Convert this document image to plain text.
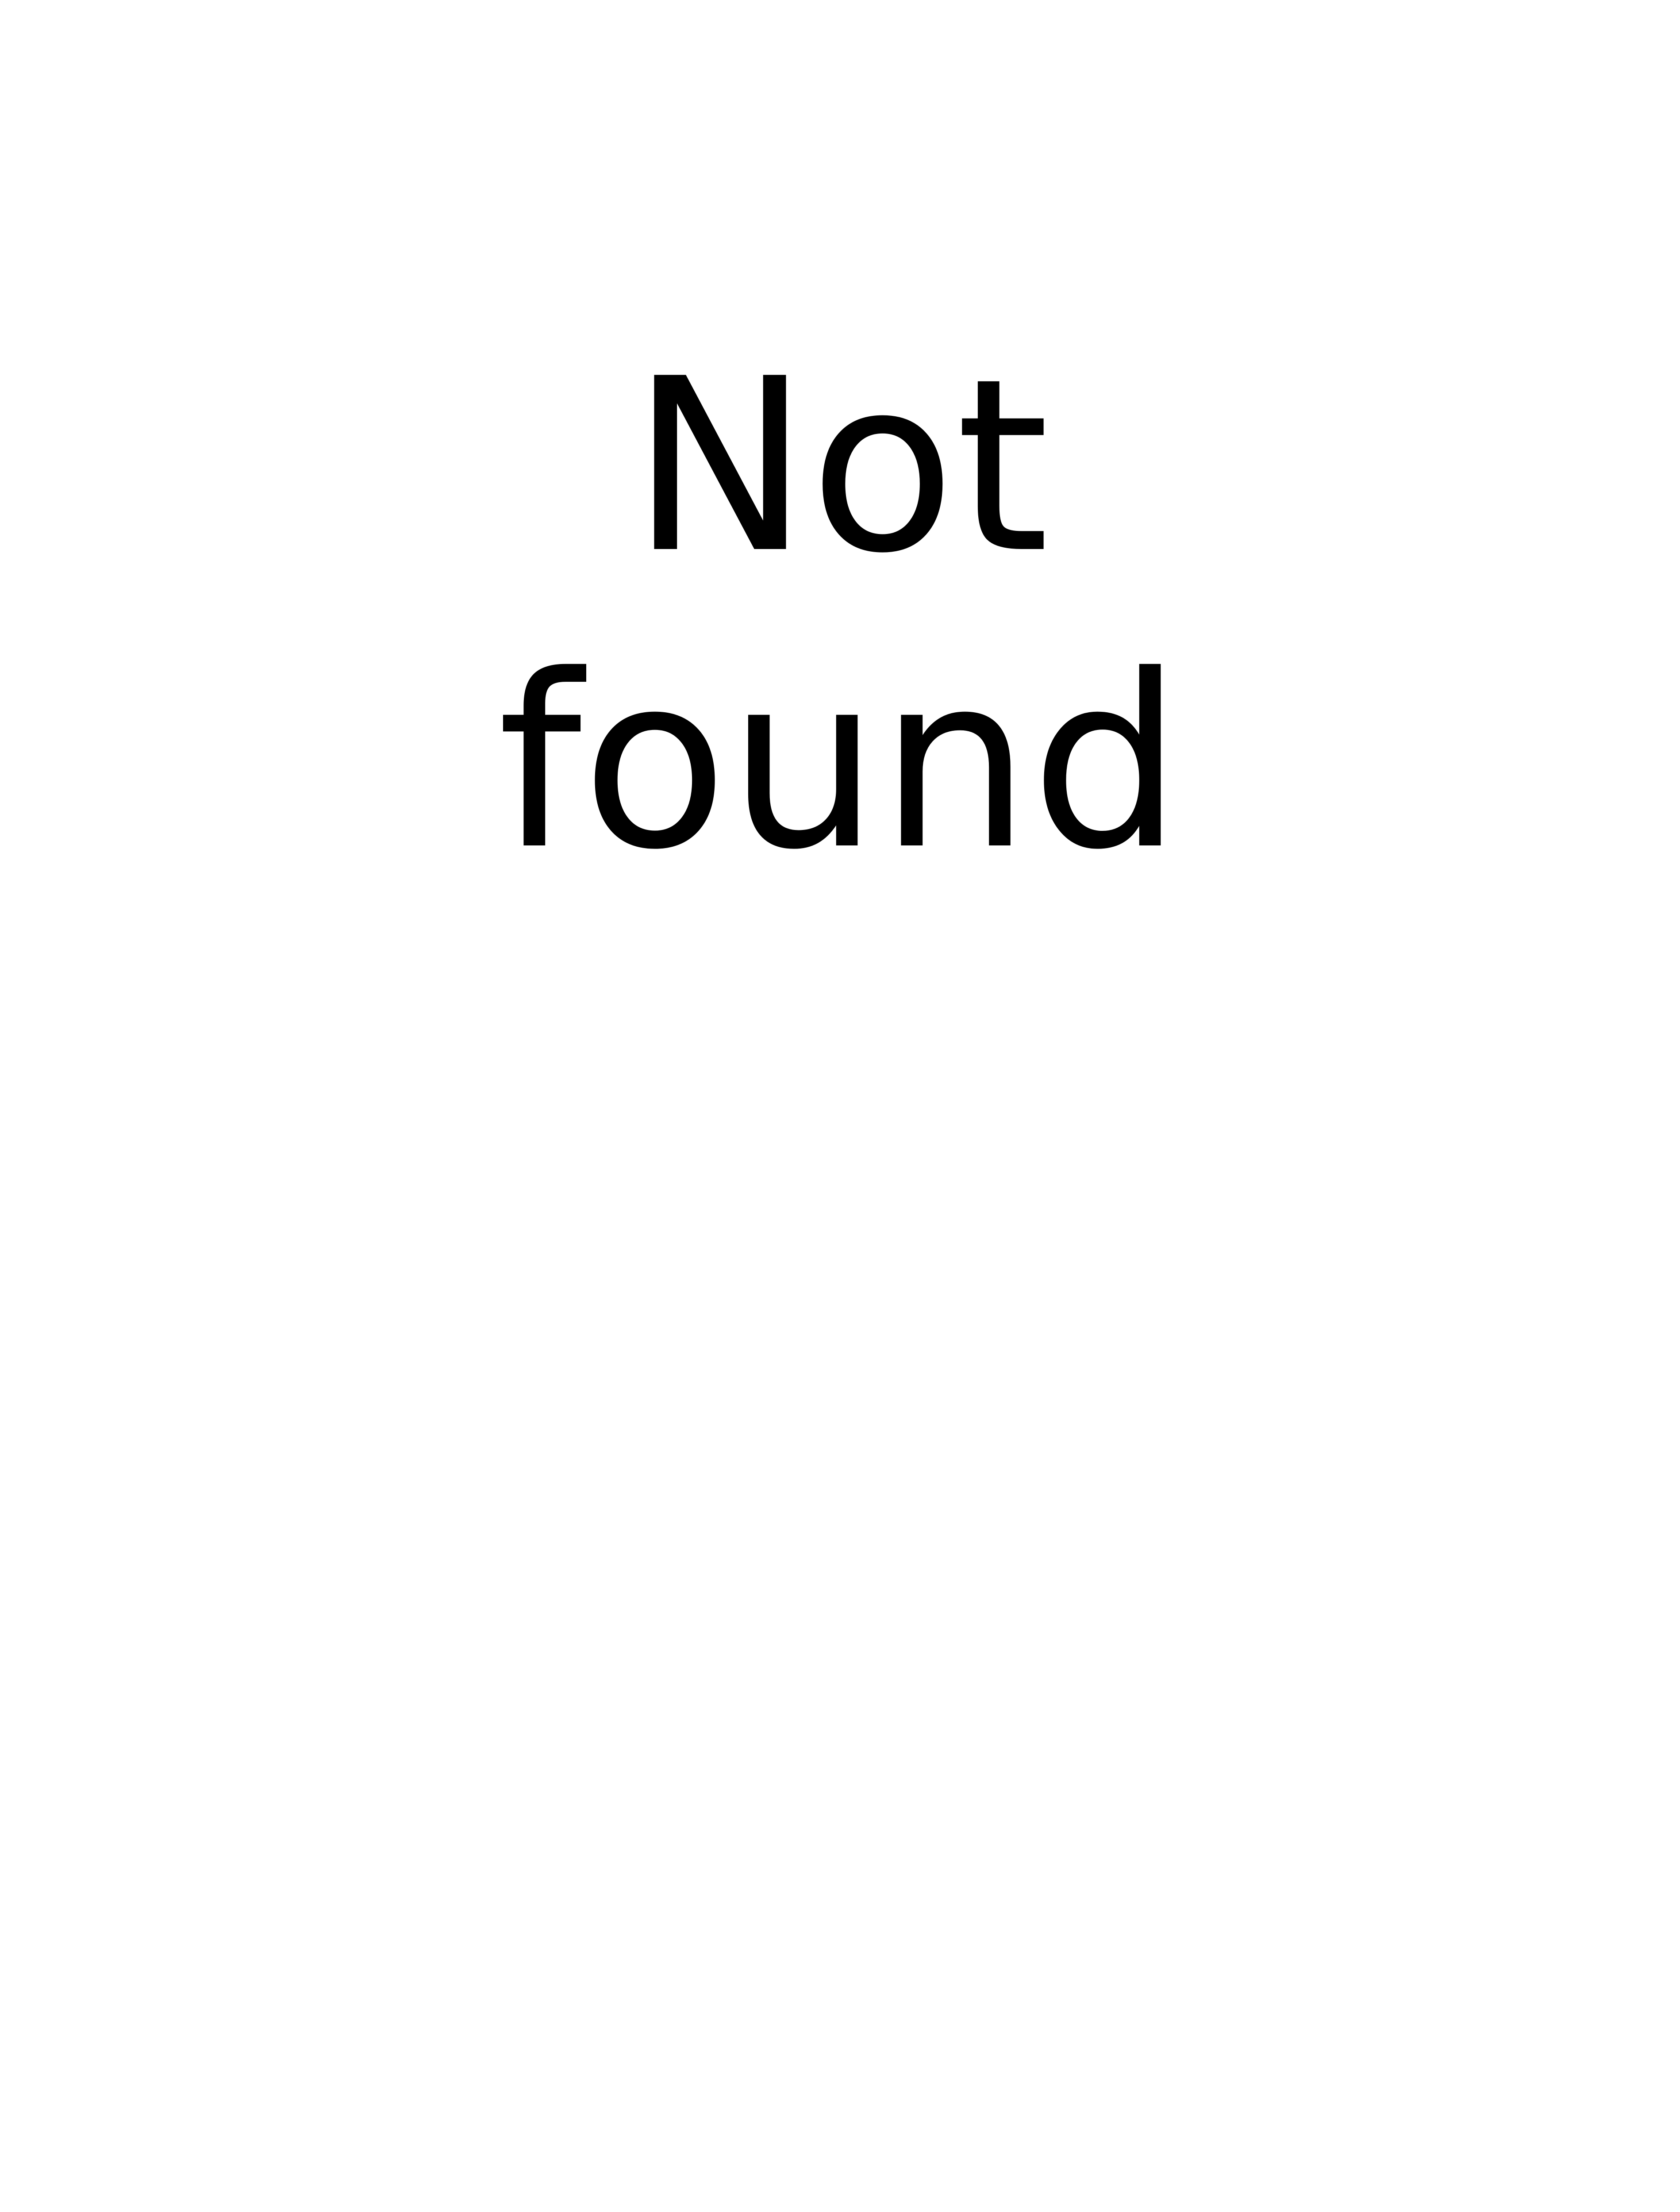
Not
found
